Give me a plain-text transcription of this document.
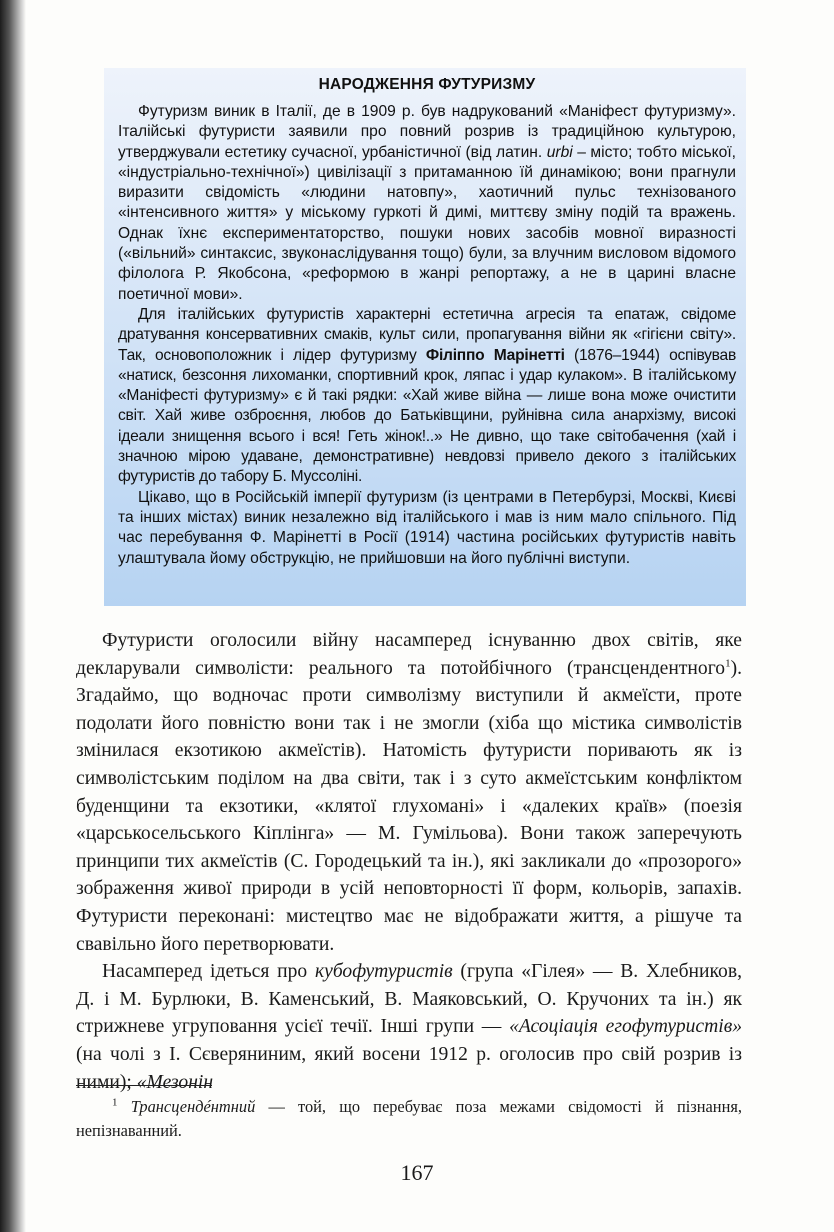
НАРОДЖЕННЯ ФУТУРИЗМУ

Футуризм виник в Італії, де в 1909 р. був надрукований «Маніфест футуризму». Італійські футуристи заявили про повний розрив із традиційною культурою, утверджували естетику сучасної, урбаністичної (від латин. urbi – місто; тобто міської, «індустріально-технічної») цивілізації з притаманною їй динамікою; вони прагнули виразити свідомість «людини натовпу», хаотичний пульс технізованого «інтенсивного життя» у міському гуркоті й димі, миттєву зміну подій та вражень. Однак їхнє експериментаторство, пошуки нових засобів мовної виразності («вільний» синтаксис, звуконаслідування тощо) були, за влучним висловом відомого філолога Р. Якобсона, «реформою в жанрі репортажу, а не в царині власне поетичної мови».

Для італійських футуристів характерні естетична агресія та епатаж, свідоме дратування консервативних смаків, культ сили, пропагування війни як «гігієни світу». Так, основоположник і лідер футуризму Філіппо Марінетті (1876–1944) оспівував «натиск, безсоння лихоманки, спортивний крок, ляпас і удар кулаком». В італійському «Маніфесті футуризму» є й такі рядки: «Хай живе війна — лише вона може очистити світ. Хай живе озброєння, любов до Батьківщини, руйнівна сила анархізму, високі ідеали знищення всього і вся! Геть жінок!..» Не дивно, що таке світобачення (хай і значною мірою удаване, демонстративне) невдовзі привело декого з італійських футуристів до табору Б. Муссоліні.

Цікаво, що в Російській імперії футуризм (із центрами в Петербурзі, Москві, Києві та інших містах) виник незалежно від італійського і мав із ним мало спільного. Під час перебування Ф. Марінетті в Росії (1914) частина російських футуристів навіть улаштувала йому обструкцію, не прийшовши на його публічні виступи.

Футуристи оголосили війну насамперед існуванню двох світів, яке декларували символісти: реального та потойбічного (трансцендентного$^1$). Згадаймо, що водночас проти символізму виступили й акмеїсти, проте подолати його повністю вони так і не змогли (хіба що містика символістів змінилася екзотикою акмеїстів). Натомість футуристи поривають як із символістським поділом на два світи, так і з суто акмеїстським конфліктом буденщини та екзотики, «клятої глухомані» і «далеких країв» (поезія «царськосельського Кіплінга» — М. Гумільова). Вони також заперечують принципи тих акмеїстів (С. Городецький та ін.), які закликали до «прозорого» зображення живої природи в усій неповторності її форм, кольорів, запахів. Футуристи переконані: мистецтво має не відображати життя, а рішуче та свавільно його перетворювати.

Насамперед ідеться про кубофутуристів (група «Гілея» — В. Хлебников, Д. і М. Бурлюки, В. Каменський, В. Маяковський, О. Кручоних та ін.) як стрижневе угруповання усієї течії. Інші групи — «Асоціація егофутуристів» (на чолі з І. Сєверяниним, який восени 1912 р. оголосив про свій розрив із ними); «Мезонін

$^1$ Трансцендéнтний — той, що перебуває поза межами свідомості й пізнання, непізнаванний.
167
